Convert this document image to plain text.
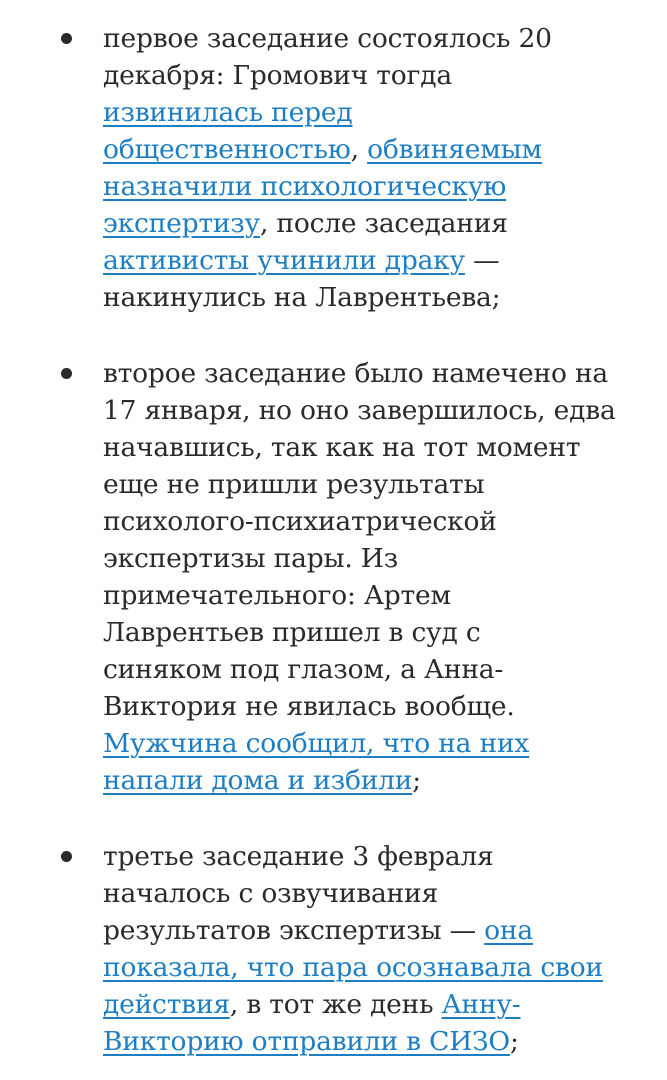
первое заседание состоялось 20
декабря: Громович тогда
извинилась перед
общественностью, обвиняемым
назначили психологическую
экспертизу, после заседания
активисты учинили драку —
накинулись на Лаврентьева;
второе заседание было намечено на
17 января, но оно завершилось, едва
начавшись, так как на тот момент
еще не пришли результаты
психолого-психиатрической
экспертизы пары. Из
примечательного: Артем
Лаврентьев пришел в суд с
синяком под глазом, а Анна-
Виктория не явилась вообще.
Мужчина сообщил, что на них
напали дома и избили;
третье заседание 3 февраля
началось с озвучивания
результатов экспертизы — она
показала, что пара осознавала свои
действия, в тот же день Анну-
Викторию отправили в СИЗО;
